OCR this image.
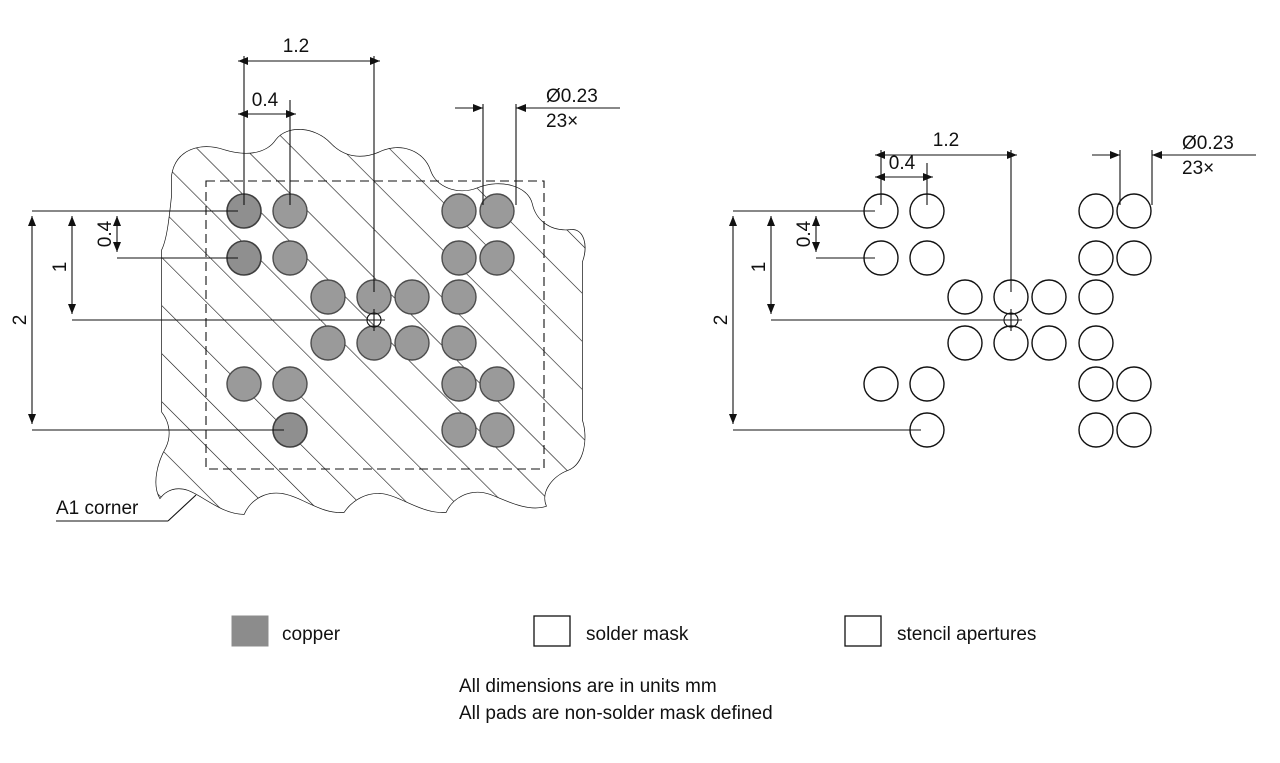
1.2
0.4	Ø0.23
23×
2
1
0.4
A1 corner
1.2
0.4
Ø0.23
23×
2
1
0.4
copper	solder mask	stencil apertures
All dimensions are in units mm
All pads are non-solder mask defined
